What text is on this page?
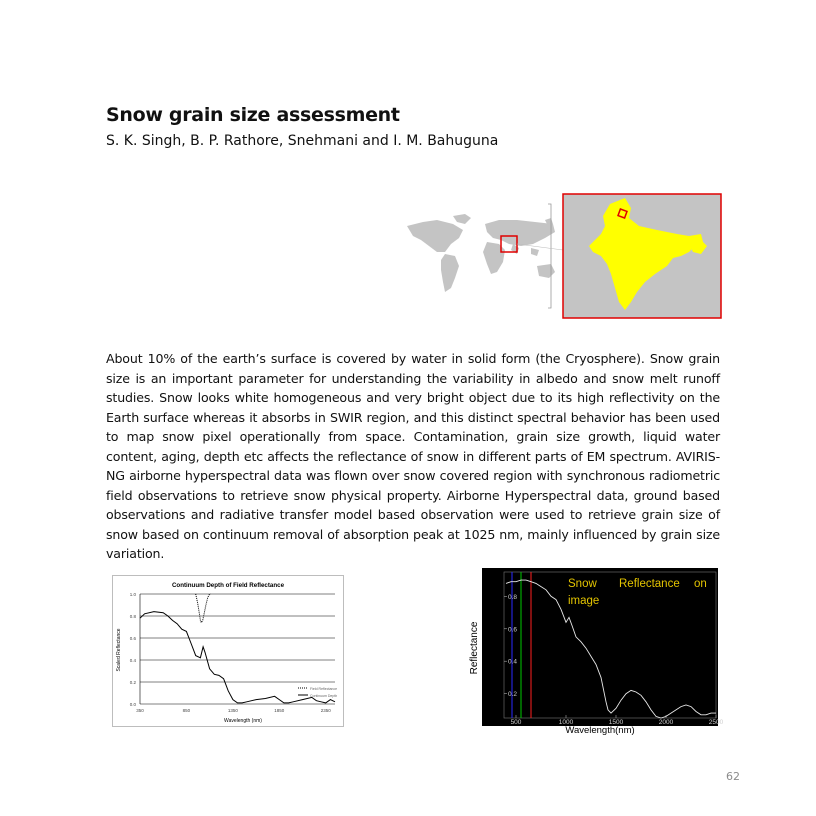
Snow grain size assessment

S. K. Singh, B. P. Rathore, Snehmani and I. M. Bahuguna

About 10% of the earth’s surface is covered by water in solid form (the Cryosphere). Snow grain size is an important parameter for understanding the variability in albedo and snow melt runoff studies. Snow looks white homogeneous and very bright object due to its high reflectivity on the Earth surface whereas it absorbs in SWIR region, and this distinct spectral behavior has been used to map snow pixel operationally from space. Contamination, grain size growth, liquid water content, aging, depth etc affects the reflectance of snow in different parts of EM spectrum. AVIRIS-NG airborne hyperspectral data was flown over snow covered region with synchronous radiometric field observations to retrieve snow physical property. Airborne Hyperspectral data, ground based observations and radiative transfer model based observation were used to retrieve grain size of snow based on continuum removal of absorption peak at 1025 nm, mainly influenced by grain size variation.

Continuum Depth of Field Reflectance
0.0
0.2
0.4
0.6
0.8
1.0
350	850	1350	1850	2350
Scaled Reflectance
Wavelength (nm)
Field Reflectance
Continuum Depth	0.2
0.4
0.6
0.8
500	1000	1500	2000	2500
Reflectance
Wavelength(nm)
Snow Reflectance on
image
62
